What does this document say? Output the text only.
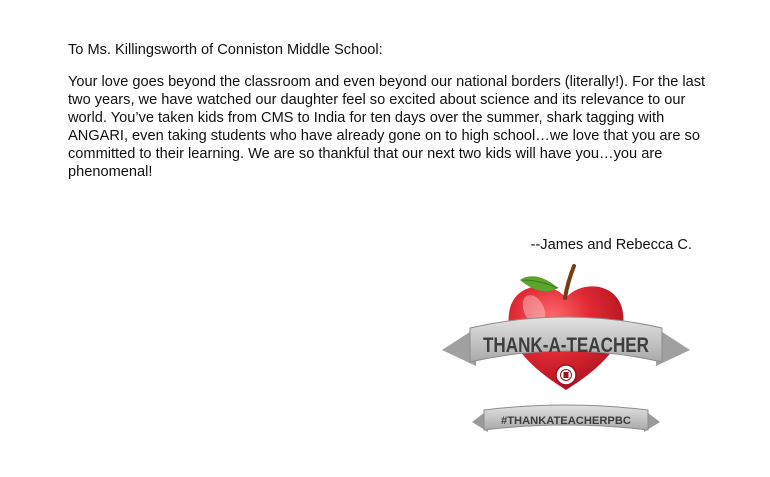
To Ms. Killingsworth of Conniston Middle School:

Your love goes beyond the classroom and even beyond our national borders (literally!). For the last two years, we have watched our daughter feel so excited about science and its relevance to our world. You’ve taken kids from CMS to India for ten days over the summer, shark tagging with ANGARI, even taking students who have already gone on to high school…we love that you are so committed to their learning. We are so thankful that our next two kids will have you…you are phenomenal!

--James and Rebecca C.
THANK-A-TEACHER
#THANKATEACHERPBC
